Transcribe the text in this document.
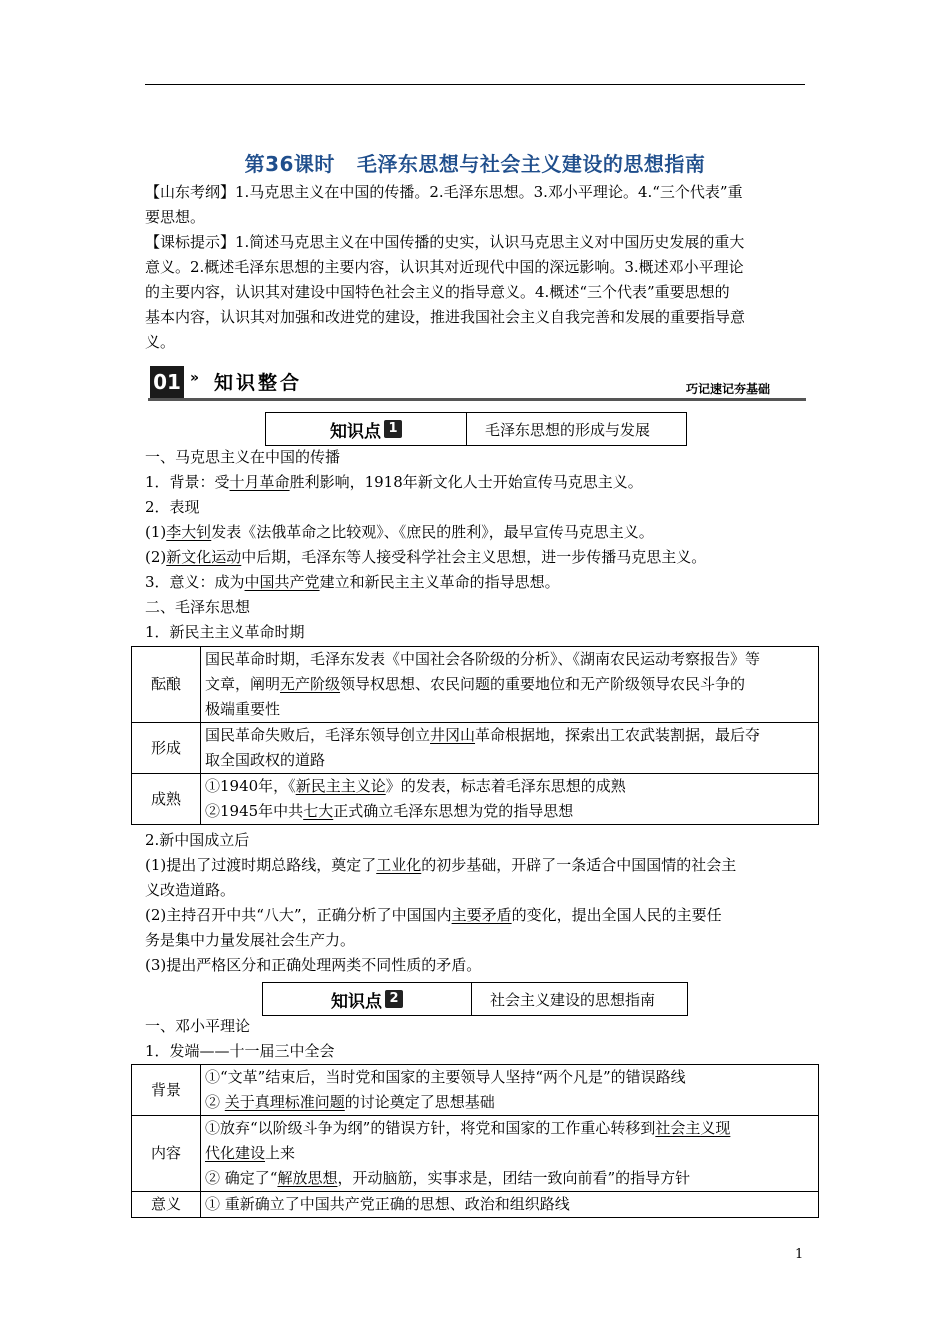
第36课时 毛泽东思想与社会主义建设的思想指南
【山东考纲】1.马克思主义在中国的传播。2.毛泽东思想。3.邓小平理论。4.“三个代表”重
要思想。
【课标提示】1.简述马克思主义在中国传播的史实，认识马克思主义对中国历史发展的重大
意义。2.概述毛泽东思想的主要内容，认识其对近现代中国的深远影响。3.概述邓小平理论
的主要内容，认识其对建设中国特色社会主义的指导意义。4.概述“三个代表”重要思想的
基本内容，认识其对加强和改进党的建设，推进我国社会主义自我完善和发展的重要指导意
义。
01 » 知识整合	巧记速记夯基础
知识点 1	毛泽东思想的形成与发展
一、马克思主义在中国的传播
1．背景：受十月革命胜利影响，1918年新文化人士开始宣传马克思主义。
2．表现
(1)李大钊发表《法俄革命之比较观》、《庶民的胜利》，最早宣传马克思主义。
(2)新文化运动中后期，毛泽东等人接受科学社会主义思想，进一步传播马克思主义。
3．意义：成为中国共产党建立和新民主主义革命的指导思想。
二、毛泽东思想
1．新民主主义革命时期
酝酿	国民革命时期，毛泽东发表《中国社会各阶级的分析》、《湖南农民运动考察报告》等
文章，阐明无产阶级领导权思想、农民问题的重要地位和无产阶级领导农民斗争的
极端重要性

形成	国民革命失败后，毛泽东领导创立井冈山革命根据地，探索出工农武装割据，最后夺
取全国政权的道路

成熟	①1940年，《新民主主义论》的发表，标志着毛泽东思想的成熟
②1945年中共七大正式确立毛泽东思想为党的指导思想
2.新中国成立后
(1)提出了过渡时期总路线，奠定了工业化的初步基础，开辟了一条适合中国国情的社会主
义改造道路。
(2)主持召开中共“八大”，正确分析了中国国内主要矛盾的变化，提出全国人民的主要任
务是集中力量发展社会生产力。
(3)提出严格区分和正确处理两类不同性质的矛盾。
知识点 2	社会主义建设的思想指南
一、邓小平理论
1．发端——十一届三中全会
背景	①“文革”结束后，当时党和国家的主要领导人坚持“两个凡是”的错误路线
② 关于真理标准问题的讨论奠定了思想基础

内容	①放弃“以阶级斗争为纲”的错误方针，将党和国家的工作重心转移到社会主义现
代化建设上来
② 确定了“解放思想，开动脑筋，实事求是，团结一致向前看”的指导方针

意义	① 重新确立了中国共产党正确的思想、政治和组织路线
1
